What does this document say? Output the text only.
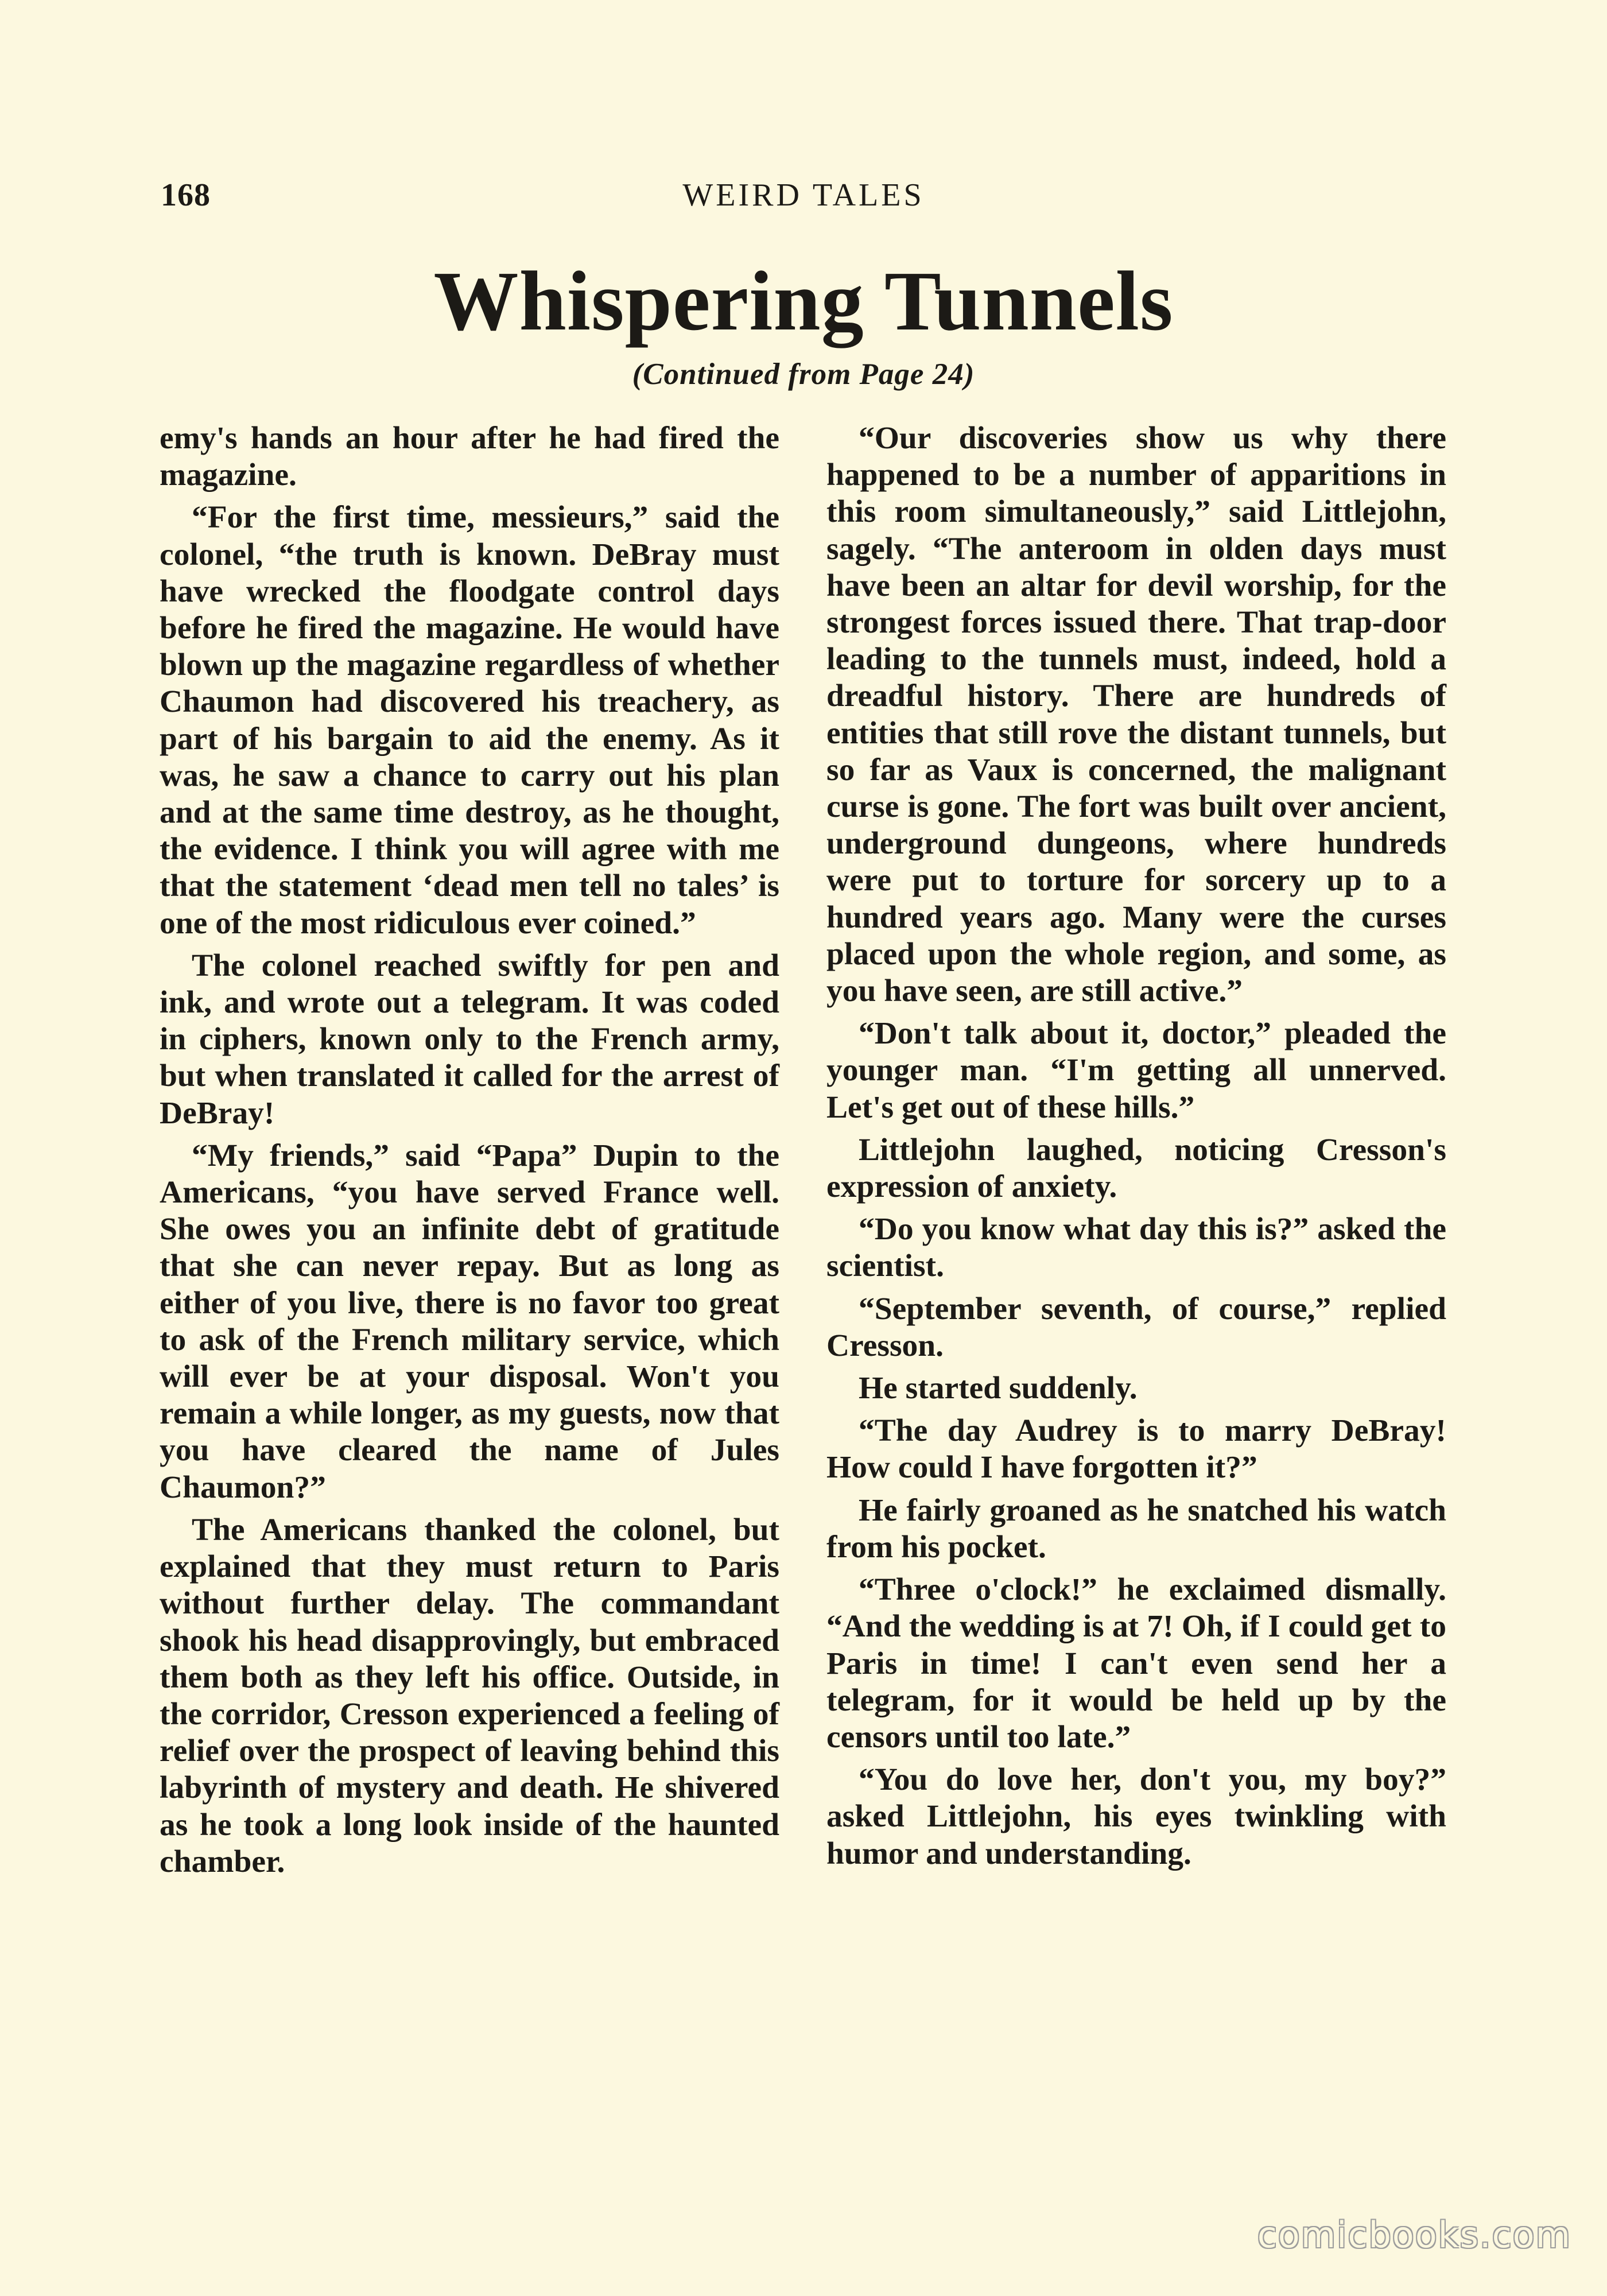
168	WEIRD TALES
Whispering Tunnels
(Continued from Page 24)

emy's hands an hour after he had fired the magazine.

“For the first time, messieurs,” said the colonel, “the truth is known. DeBray must have wrecked the floodgate control days before he fired the magazine. He would have blown up the magazine regardless of whether Chaumon had discovered his treachery, as part of his bargain to aid the enemy. As it was, he saw a chance to carry out his plan and at the same time destroy, as he thought, the evidence. I think you will agree with me that the statement ‘dead men tell no tales’ is one of the most ridiculous ever coined.”

The colonel reached swiftly for pen and ink, and wrote out a telegram. It was coded in ciphers, known only to the French army, but when translated it called for the arrest of DeBray!

“My friends,” said “Papa” Dupin to the Americans, “you have served France well. She owes you an infinite debt of gratitude that she can never repay. But as long as either of you live, there is no favor too great to ask of the French military service, which will ever be at your disposal. Won't you remain a while longer, as my guests, now that you have cleared the name of Jules Chaumon?”

The Americans thanked the colonel, but explained that they must return to Paris without further delay. The commandant shook his head disapprovingly, but embraced them both as they left his office. Outside, in the corridor, Cresson experienced a feeling of relief over the prospect of leaving behind this labyrinth of mystery and death. He shivered as he took a long look inside of the haunted chamber.

“Our discoveries show us why there happened to be a number of apparitions in this room simultaneously,” said Littlejohn, sagely. “The anteroom in olden days must have been an altar for devil worship, for the strongest forces issued there. That trap-door leading to the tunnels must, indeed, hold a dreadful history. There are hundreds of entities that still rove the distant tunnels, but so far as Vaux is concerned, the malignant curse is gone. The fort was built over ancient, underground dungeons, where hundreds were put to torture for sorcery up to a hundred years ago. Many were the curses placed upon the whole region, and some, as you have seen, are still active.”

“Don't talk about it, doctor,” pleaded the younger man. “I'm getting all unnerved. Let's get out of these hills.”

Littlejohn laughed, noticing Cresson's expression of anxiety.

“Do you know what day this is?” asked the scientist.

“September seventh, of course,” replied Cresson.

He started suddenly.

“The day Audrey is to marry DeBray! How could I have forgotten it?”

He fairly groaned as he snatched his watch from his pocket.

“Three o'clock!” he exclaimed dismally. “And the wedding is at 7! Oh, if I could get to Paris in time! I can't even send her a telegram, for it would be held up by the censors until too late.”

“You do love her, don't you, my boy?” asked Littlejohn, his eyes twinkling with humor and understanding.

comicbooks.com
